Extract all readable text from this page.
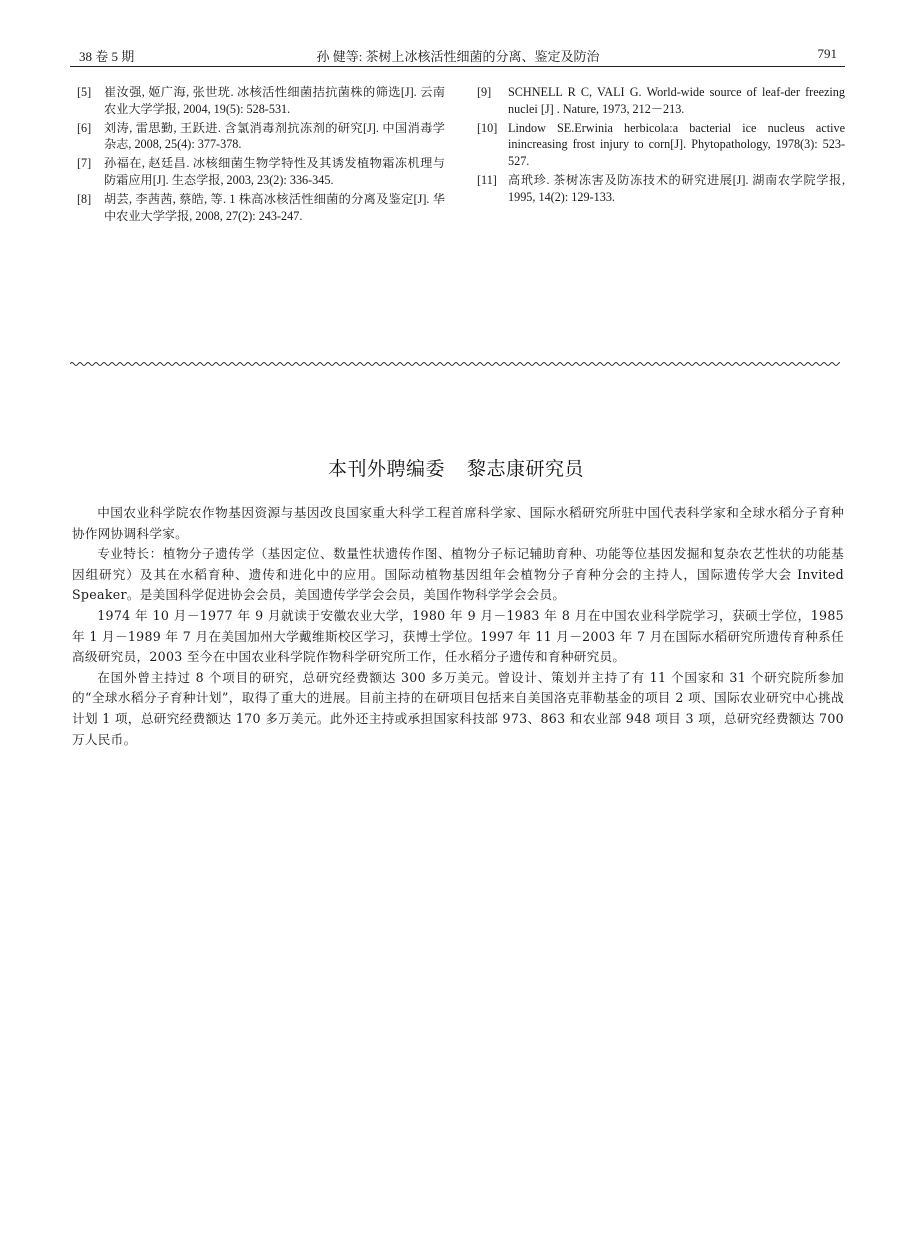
38 卷 5 期	孙 健等: 茶树上冰核活性细菌的分离、鉴定及防治	791
[5] 崔汝强, 姬广海, 张世珖. 冰核活性细菌拮抗菌株的筛选[J]. 云南农业大学学报, 2004, 19(5): 528-531.
[6] 刘涛, 雷思勤, 王跃进. 含氯消毒剂抗冻剂的研究[J]. 中国消毒学杂志, 2008, 25(4): 377-378.
[7] 孙福在, 赵廷昌. 冰核细菌生物学特性及其诱发植物霜冻机理与防霜应用[J]. 生态学报, 2003, 23(2): 336-345.
[8] 胡芸, 李茜茜, 蔡皓, 等. 1 株高冰核活性细菌的分离及鉴定[J]. 华中农业大学学报, 2008, 27(2): 243-247.
[9] SCHNELL R C, VALI G. World-wide source of leaf-der freezing nuclei [J] . Nature, 1973, 212－213.
[10] Lindow SE.Erwinia herbicola:a bacterial ice nucleus active inincreasing frost injury to corn[J]. Phytopathology, 1978(3): 523-527.
[11] 高玳珍. 茶树冻害及防冻技术的研究进展[J]. 湖南农学院学报, 1995, 14(2): 129-133.
本刊外聘编委 黎志康研究员

中国农业科学院农作物基因资源与基因改良国家重大科学工程首席科学家、国际水稻研究所驻中国代表科学家和全球水稻分子育种协作网协调科学家。

专业特长：植物分子遗传学（基因定位、数量性状遗传作图、植物分子标记辅助育种、功能等位基因发掘和复杂农艺性状的功能基因组研究）及其在水稻育种、遗传和进化中的应用。国际动植物基因组年会植物分子育种分会的主持人，国际遗传学大会 Invited Speaker。是美国科学促进协会会员，美国遗传学学会会员，美国作物科学学会会员。

1974 年 10 月－1977 年 9 月就读于安徽农业大学，1980 年 9 月－1983 年 8 月在中国农业科学院学习，获硕士学位，1985 年 1 月－1989 年 7 月在美国加州大学戴维斯校区学习，获博士学位。1997 年 11 月－2003 年 7 月在国际水稻研究所遗传育种系任高级研究员，2003 至今在中国农业科学院作物科学研究所工作，任水稻分子遗传和育种研究员。

在国外曾主持过 8 个项目的研究，总研究经费额达 300 多万美元。曾设计、策划并主持了有 11 个国家和 31 个研究院所参加的“全球水稻分子育种计划”，取得了重大的进展。目前主持的在研项目包括来自美国洛克菲勒基金的项目 2 项、国际农业研究中心挑战计划 1 项，总研究经费额达 170 多万美元。此外还主持或承担国家科技部 973、863 和农业部 948 项目 3 项，总研究经费额达 700 万人民币。
